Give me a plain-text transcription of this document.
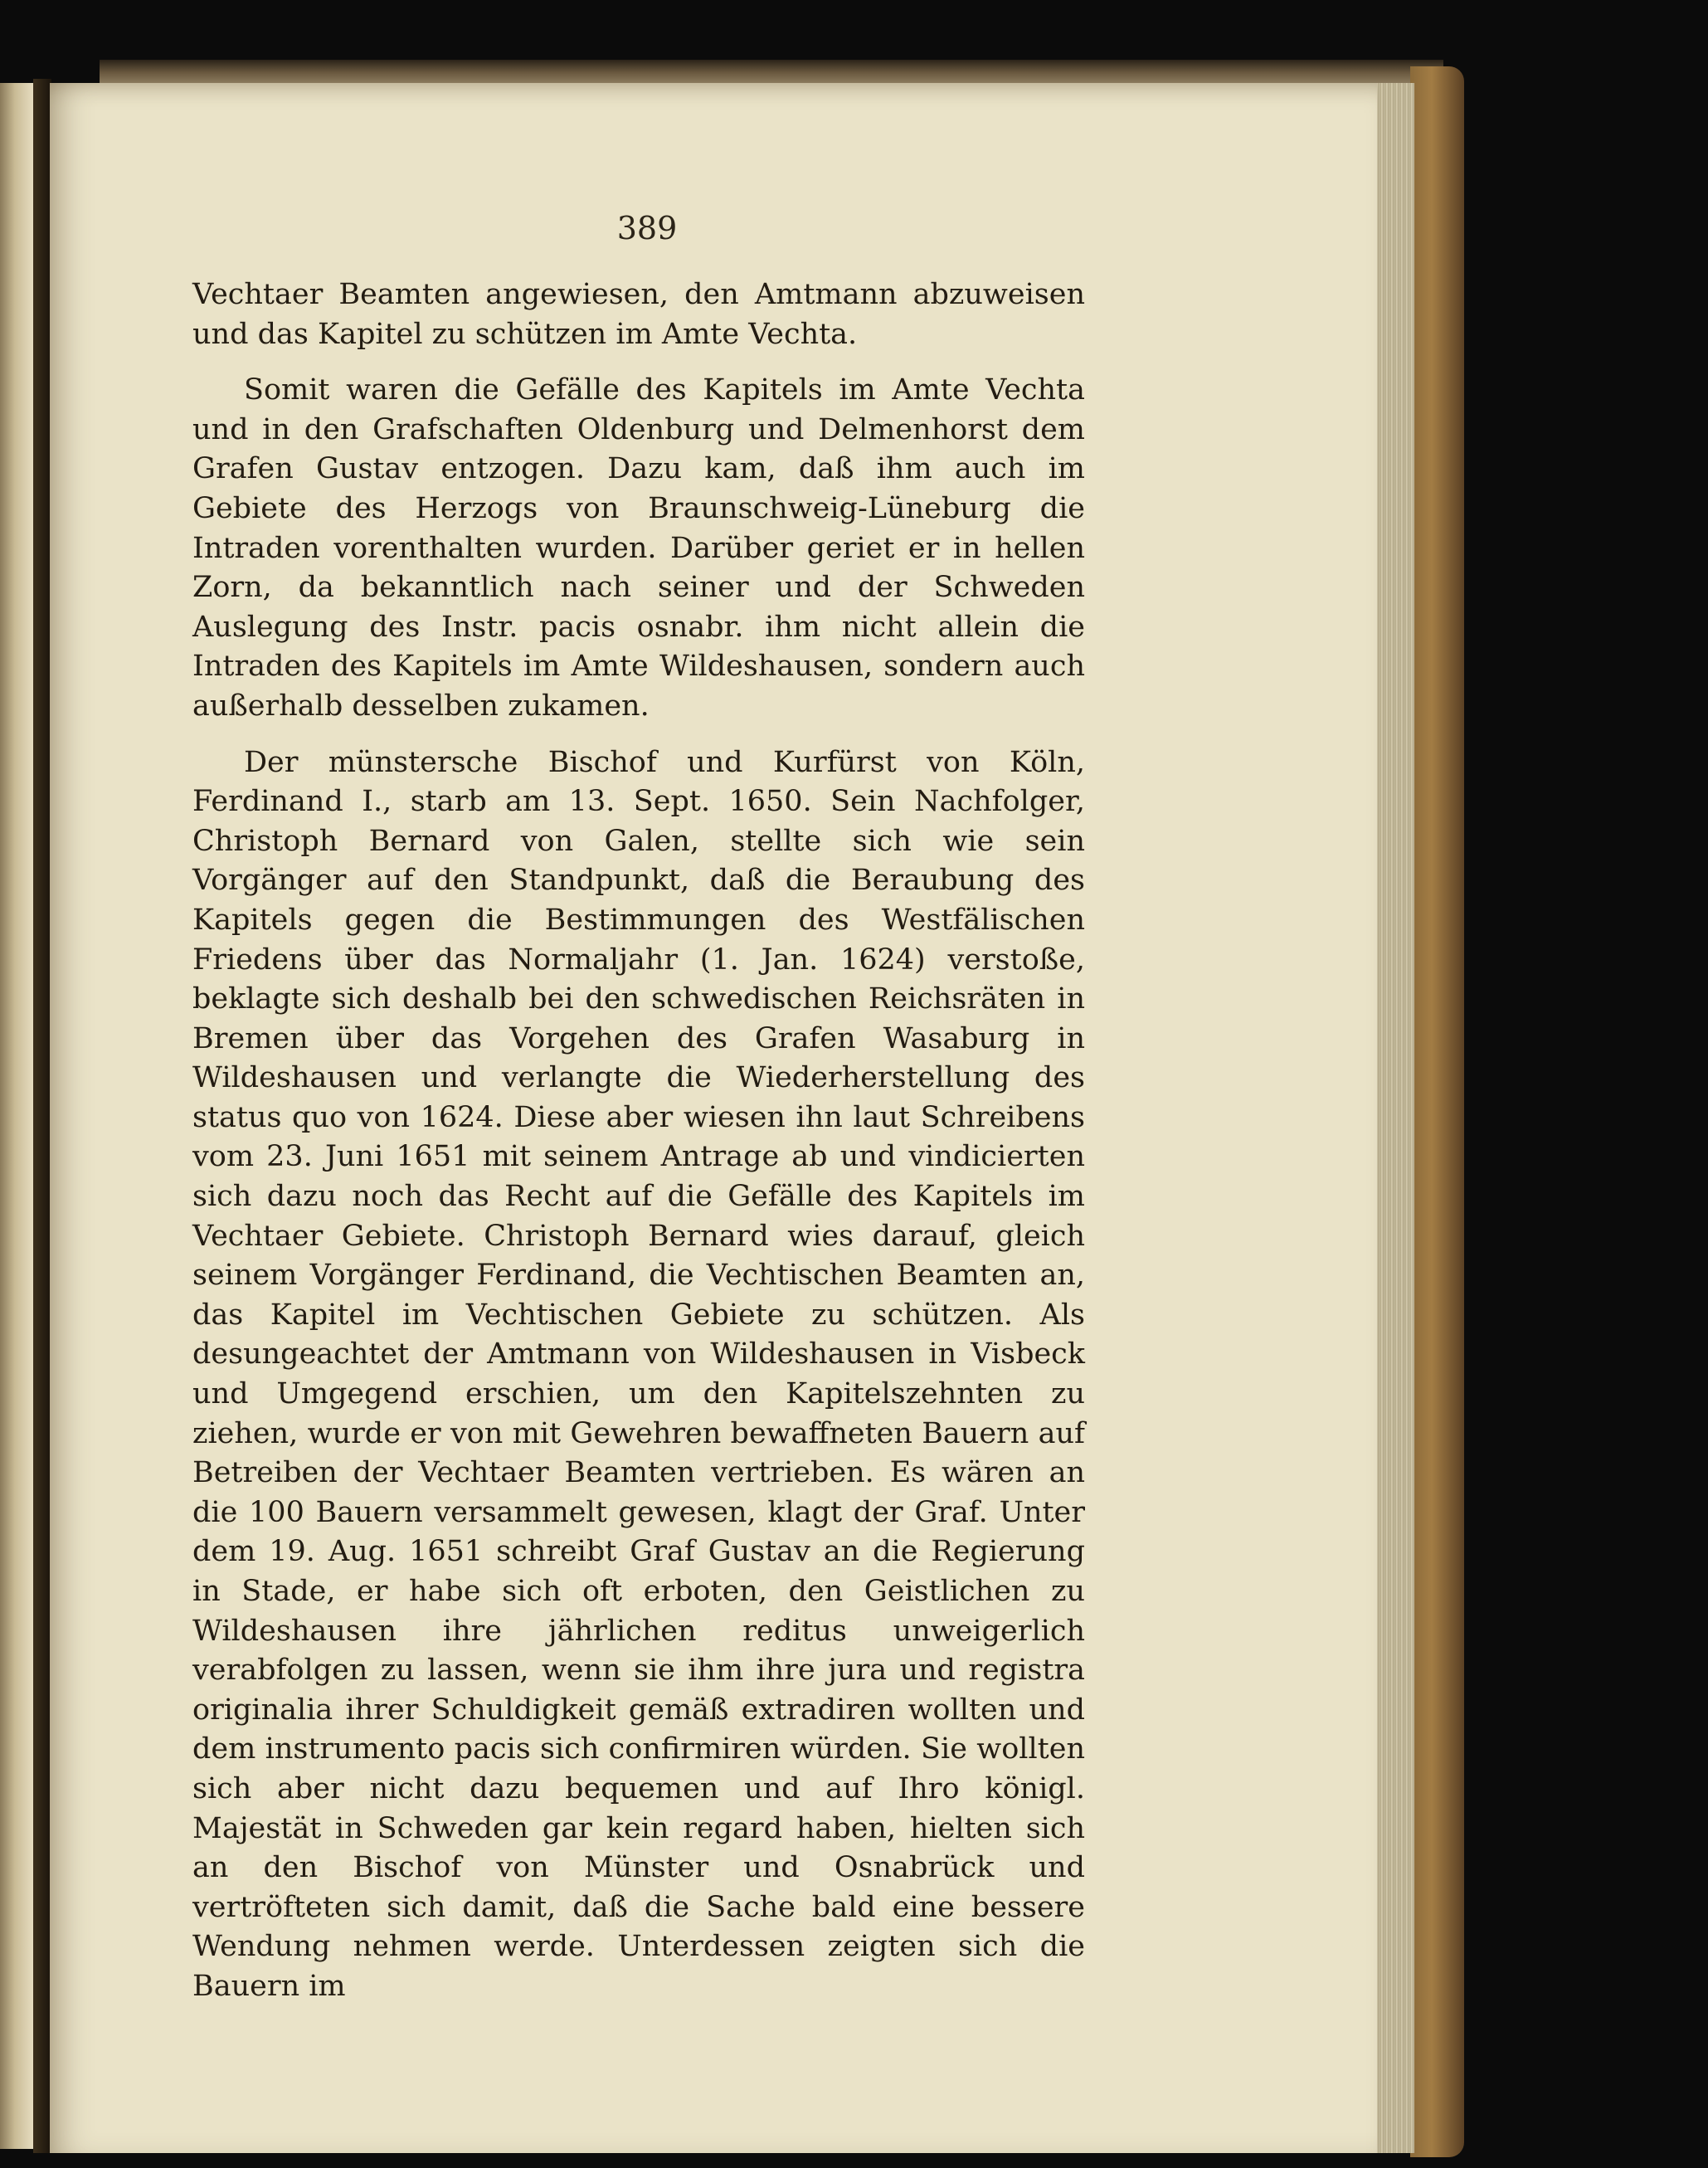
389

Vechtaer Beamten angewiesen, den Amtmann abzuweisen und das Kapitel zu schützen im Amte Vechta.

Somit waren die Gefälle des Kapitels im Amte Vechta und in den Grafschaften Oldenburg und Delmenhorst dem Grafen Gustav entzogen. Dazu kam, daß ihm auch im Gebiete des Herzogs von Braunschweig-Lüneburg die Intraden vorenthalten wurden. Darüber geriet er in hellen Zorn, da bekanntlich nach seiner und der Schweden Auslegung des Instr. pacis osnabr. ihm nicht allein die Intraden des Kapitels im Amte Wildeshausen, sondern auch außerhalb desselben zukamen.

Der münstersche Bischof und Kurfürst von Köln, Ferdinand I., starb am 13. Sept. 1650. Sein Nachfolger, Christoph Bernard von Galen, stellte sich wie sein Vorgänger auf den Standpunkt, daß die Beraubung des Kapitels gegen die Bestimmungen des Westfälischen Friedens über das Normaljahr (1. Jan. 1624) verstoße, beklagte sich deshalb bei den schwedischen Reichsräten in Bremen über das Vorgehen des Grafen Wasaburg in Wildeshausen und verlangte die Wiederherstellung des status quo von 1624. Diese aber wiesen ihn laut Schreibens vom 23. Juni 1651 mit seinem Antrage ab und vindicierten sich dazu noch das Recht auf die Gefälle des Kapitels im Vechtaer Gebiete. Christoph Bernard wies darauf, gleich seinem Vorgänger Ferdinand, die Vechtischen Beamten an, das Kapitel im Vechtischen Gebiete zu schützen. Als desungeachtet der Amtmann von Wildeshausen in Visbeck und Umgegend erschien, um den Kapitelszehnten zu ziehen, wurde er von mit Gewehren bewaffneten Bauern auf Betreiben der Vechtaer Beamten vertrieben. Es wären an die 100 Bauern versammelt gewesen, klagt der Graf. Unter dem 19. Aug. 1651 schreibt Graf Gustav an die Regierung in Stade, er habe sich oft erboten, den Geistlichen zu Wildeshausen ihre jährlichen reditus unweigerlich verabfolgen zu lassen, wenn sie ihm ihre jura und registra originalia ihrer Schuldigkeit gemäß extradiren wollten und dem instrumento pacis sich confirmiren würden. Sie wollten sich aber nicht dazu bequemen und auf Ihro königl. Majestät in Schweden gar kein regard haben, hielten sich an den Bischof von Münster und Osnabrück und vertröfteten sich damit, daß die Sache bald eine bessere Wendung nehmen werde. Unterdessen zeigten sich die Bauern im
